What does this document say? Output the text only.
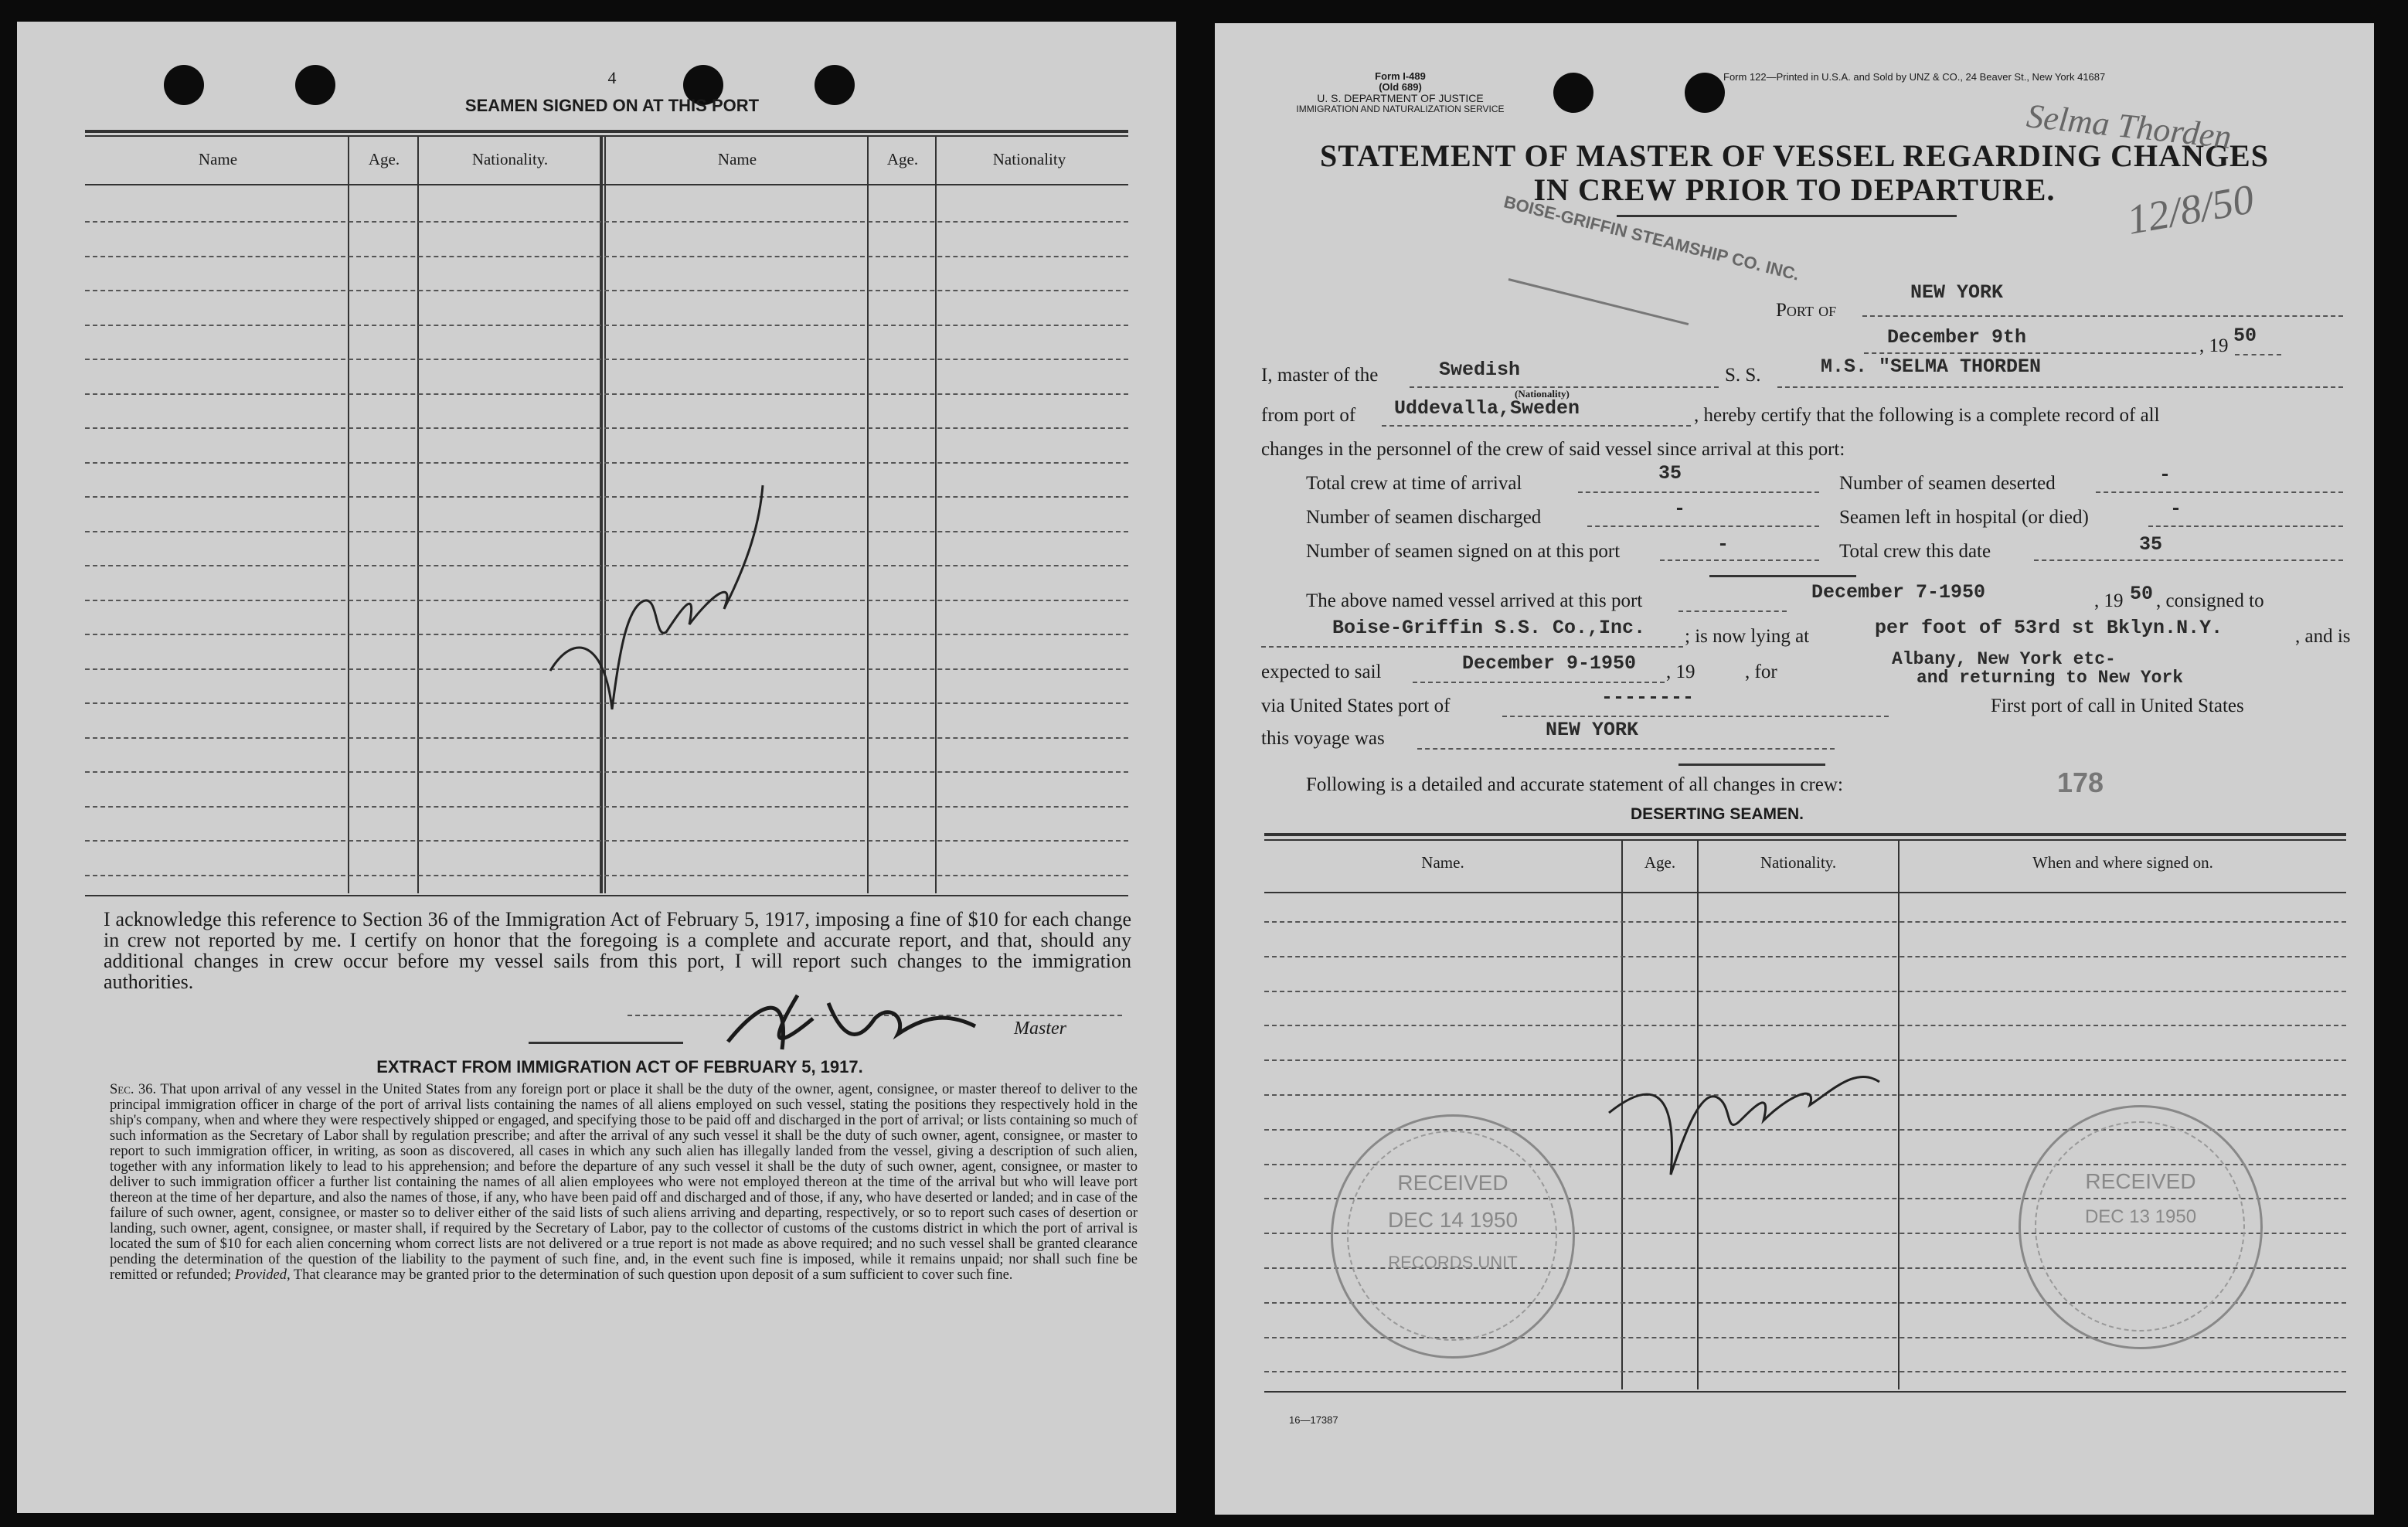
4
SEAMEN SIGNED ON AT THIS PORT
Name	Age.	Nationality.	Name	Age.	Nationality
I acknowledge this reference to Section 36 of the Immigration Act of February 5, 1917, imposing a fine of $10 for each change in crew not reported by me. I certify on honor that the foregoing is a complete and accurate report, and that, should any additional changes in crew occur before my vessel sails from this port, I will report such changes to the immigration authorities.
Master
EXTRACT FROM IMMIGRATION ACT OF FEBRUARY 5, 1917.
Sec. 36. That upon arrival of any vessel in the United States from any foreign port or place it shall be the duty of the owner, agent, consignee, or master thereof to deliver to the principal immigration officer in charge of the port of arrival lists containing the names of all aliens employed on such vessel, stating the positions they respectively hold in the ship's company, when and where they were respectively shipped or engaged, and specifying those to be paid off and discharged in the port of arrival; or lists containing so much of such information as the Secretary of Labor shall by regulation prescribe; and after the arrival of any such vessel it shall be the duty of such owner, agent, consignee, or master to report to such immigration officer, in writing, as soon as discovered, all cases in which any such alien has illegally landed from the vessel, giving a description of such alien, together with any information likely to lead to his apprehension; and before the departure of any such vessel it shall be the duty of such owner, agent, consignee, or master to deliver to such immigration officer a further list containing the names of all alien employees who were not employed thereon at the time of the arrival but who will leave port thereon at the time of her departure, and also the names of those, if any, who have been paid off and discharged and of those, if any, who have deserted or landed; and in case of the failure of such owner, agent, consignee, or master so to deliver either of the said lists of such aliens arriving and departing, respectively, or so to report such cases of desertion or landing, such owner, agent, consignee, or master shall, if required by the Secretary of Labor, pay to the collector of customs of the customs district in which the port of arrival is located the sum of $10 for each alien concerning whom correct lists are not delivered or a true report is not made as above required; and no such vessel shall be granted clearance pending the determination of the question of the liability to the payment of such fine, and, in the event such fine is imposed, while it remains unpaid; nor shall such fine be remitted or refunded; Provided, That clearance may be granted prior to the determination of such question upon deposit of a sum sufficient to cover such fine.
Form I-489
(Old 689)
U. S. DEPARTMENT OF JUSTICE
IMMIGRATION AND NATURALIZATION SERVICE
Form 122—Printed in U.S.A. and Sold by UNZ & CO., 24 Beaver St., New York 41687
STATEMENT OF MASTER OF VESSEL REGARDING CHANGES
IN CREW PRIOR TO DEPARTURE.
Selma Thorden
12/8/50
BOISE-GRIFFIN STEAMSHIP CO. INC.
Port of
NEW YORK
December 9th	, 19 50
I, master of the	Swedish
(Nationality)
S. S.	M.S. "SELMA THORDEN
from port of Uddevalla,Sweden	, hereby certify that the following is a complete record of all
changes in the personnel of the crew of said vessel since arrival at this port:
Total crew at time of arrival	35	Number of seamen deserted	-
Number of seamen discharged	-	Seamen left in hospital (or died)	-
Number of seamen signed on at this port	-	Total crew this date	35
The above named vessel arrived at this port	December 7-1950	, 19 50 , consigned to
Boise-Griffin S.S. Co.,Inc. ; is now lying at	per foot of 53rd st Bklyn.N.Y.	, and is
expected to sail	December 9-1950 , 19	, for
Albany, New York etc-
and returning to New York
via United States port of	--------	First port of call in United States
this voyage was	NEW YORK
Following is a detailed and accurate statement of all changes in crew:	178
DESERTING SEAMEN.
Name.	Age.	Nationality.	When and where signed on.
RECEIVED
DEC 14 1950
RECORDS UNIT
RECEIVED
DEC 13 1950
16—17387
